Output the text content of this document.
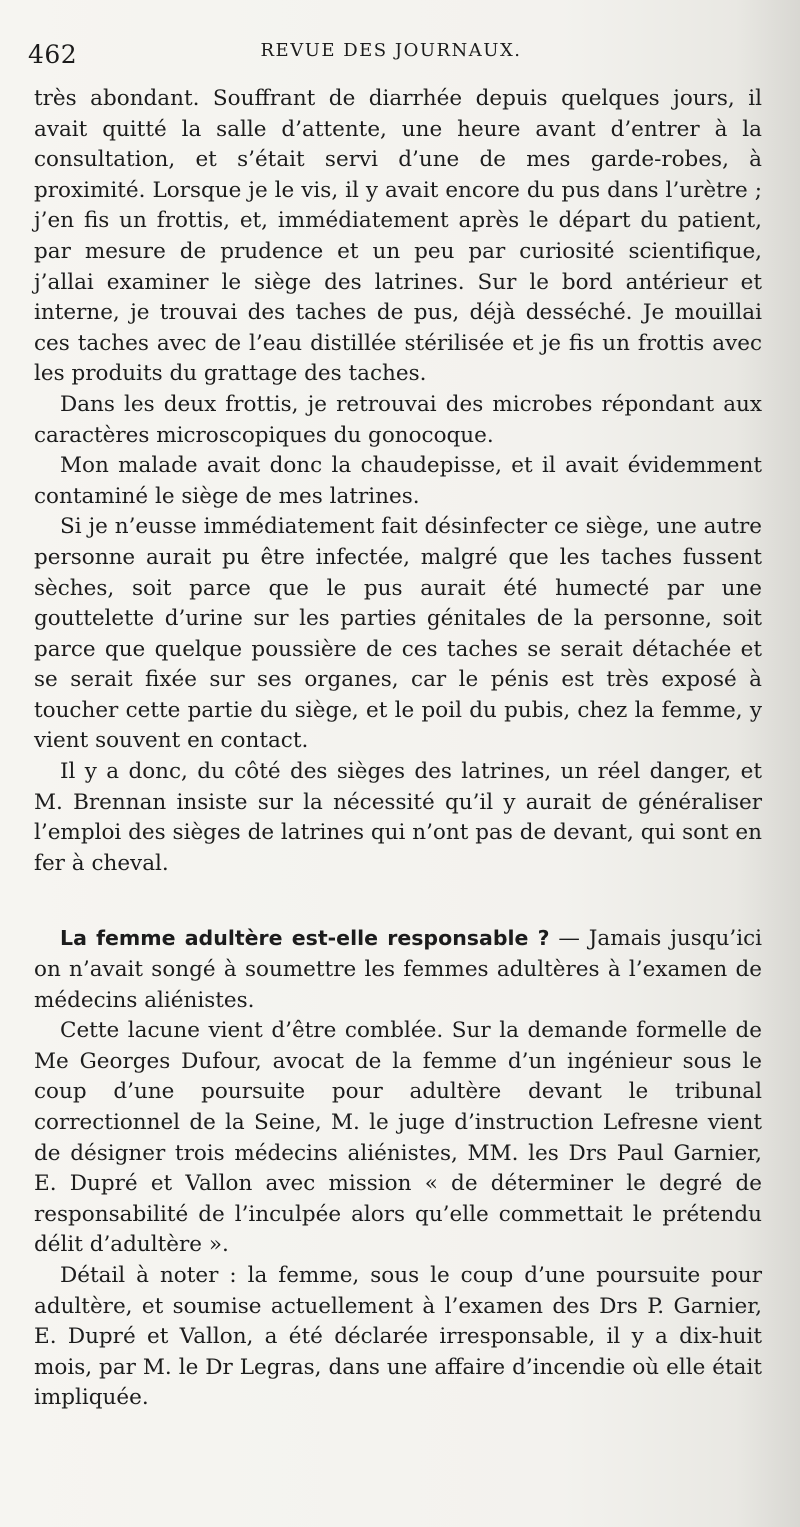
462	REVUE DES JOURNAUX.

très abondant. Souffrant de diarrhée depuis quelques jours, il avait quitté la salle d’attente, une heure avant d’entrer à la consultation, et s’était servi d’une de mes garde-robes, à proximité. Lorsque je le vis, il y avait encore du pus dans l’urètre ; j’en fis un frottis, et, immédiatement après le départ du patient, par mesure de prudence et un peu par curiosité scientifique, j’allai examiner le siège des latrines. Sur le bord antérieur et interne, je trouvai des taches de pus, déjà desséché. Je mouillai ces taches avec de l’eau distillée stérilisée et je fis un frottis avec les produits du grattage des taches.

Dans les deux frottis, je retrouvai des microbes répondant aux caractères microscopiques du gonocoque.

Mon malade avait donc la chaudepisse, et il avait évidemment contaminé le siège de mes latrines.

Si je n’eusse immédiatement fait désinfecter ce siège, une autre personne aurait pu être infectée, malgré que les taches fussent sèches, soit parce que le pus aurait été humecté par une gouttelette d’urine sur les parties génitales de la personne, soit parce que quelque poussière de ces taches se serait détachée et se serait fixée sur ses organes, car le pénis est très exposé à toucher cette partie du siège, et le poil du pubis, chez la femme, y vient souvent en contact.

Il y a donc, du côté des sièges des latrines, un réel danger, et M. Brennan insiste sur la nécessité qu’il y aurait de généraliser l’emploi des sièges de latrines qui n’ont pas de devant, qui sont en fer à cheval.

La femme adultère est-elle responsable ? — Jamais jusqu’ici on n’avait songé à soumettre les femmes adultères à l’examen de médecins aliénistes.

Cette lacune vient d’être comblée. Sur la demande formelle de Me Georges Dufour, avocat de la femme d’un ingénieur sous le coup d’une poursuite pour adultère devant le tribunal correctionnel de la Seine, M. le juge d’instruction Lefresne vient de désigner trois médecins aliénistes, MM. les Drs Paul Garnier, E. Dupré et Vallon avec mission « de déterminer le degré de responsabilité de l’inculpée alors qu’elle commettait le prétendu délit d’adultère ».

Détail à noter : la femme, sous le coup d’une poursuite pour adultère, et soumise actuellement à l’examen des Drs P. Garnier, E. Dupré et Vallon, a été déclarée irresponsable, il y a dix-huit mois, par M. le Dr Legras, dans une affaire d’incendie où elle était impliquée.
